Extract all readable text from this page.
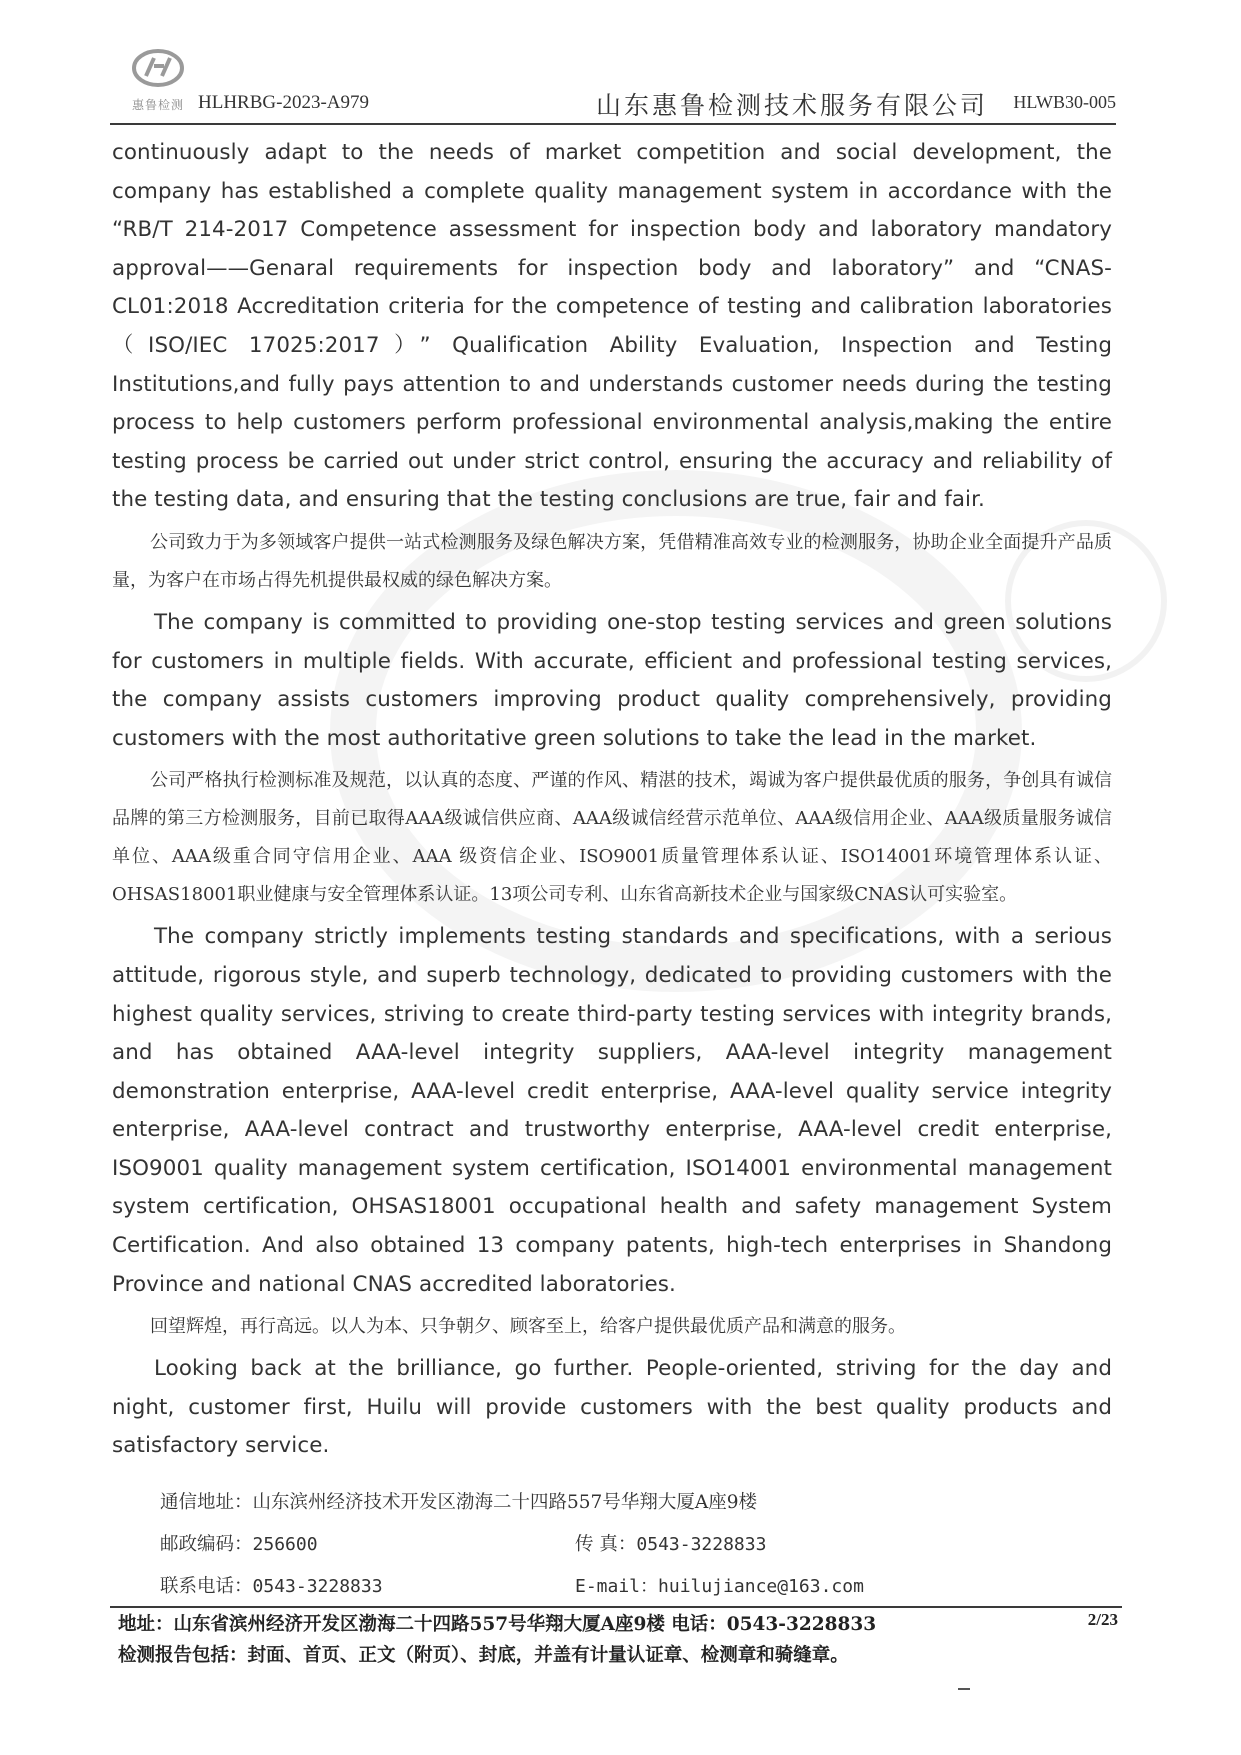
惠鲁检测 HLHRBG-2023-A979	山东惠鲁检测技术服务有限公司 HLWB30-005

continuously adapt to the needs of market competition and social development, the company has established a complete quality management system in accordance with the “RB/T 214-2017 Competence assessment for inspection body and laboratory mandatory approval——Genaral requirements for inspection body and laboratory” and “CNAS-CL01:2018 Accreditation criteria for the competence of testing and calibration laboratories（ISO/IEC 17025:2017）” Qualification Ability Evaluation, Inspection and Testing Institutions,and fully pays attention to and understands customer needs during the testing process to help customers perform professional environmental analysis,making the entire testing process be carried out under strict control, ensuring the accuracy and reliability of the testing data, and ensuring that the testing conclusions are true, fair and fair.

公司致力于为多领域客户提供一站式检测服务及绿色解决方案，凭借精准高效专业的检测服务，协助企业全面提升产品质量，为客户在市场占得先机提供最权威的绿色解决方案。

The company is committed to providing one-stop testing services and green solutions for customers in multiple fields. With accurate, efficient and professional testing services, the company assists customers improving product quality comprehensively, providing customers with the most authoritative green solutions to take the lead in the market.

公司严格执行检测标准及规范，以认真的态度、严谨的作风、精湛的技术，竭诚为客户提供最优质的服务，争创具有诚信品牌的第三方检测服务，目前已取得AAA级诚信供应商、AAA级诚信经营示范单位、AAA级信用企业、AAA级质量服务诚信单位、AAA级重合同守信用企业、AAA 级资信企业、ISO9001质量管理体系认证、ISO14001环境管理体系认证、OHSAS18001职业健康与安全管理体系认证。13项公司专利、山东省高新技术企业与国家级CNAS认可实验室。

The company strictly implements testing standards and specifications, with a serious attitude, rigorous style, and superb technology, dedicated to providing customers with the highest quality services, striving to create third-party testing services with integrity brands, and has obtained AAA-level integrity suppliers, AAA-level integrity management demonstration enterprise, AAA-level credit enterprise, AAA-level quality service integrity enterprise, AAA-level contract and trustworthy enterprise, AAA-level credit enterprise, ISO9001 quality management system certification, ISO14001 environmental management system certification, OHSAS18001 occupational health and safety management System Certification. And also obtained 13 company patents, high-tech enterprises in Shandong Province and national CNAS accredited laboratories.

回望辉煌，再行高远。以人为本、只争朝夕、顾客至上，给客户提供最优质产品和满意的服务。

Looking back at the brilliance, go further. People-oriented, striving for the day and night, customer first, Huilu will provide customers with the best quality products and satisfactory service.

通信地址：山东滨州经济技术开发区渤海二十四路557号华翔大厦A座9楼
邮政编码：256600	传 真：0543-3228833
联系电话：0543-3228833	E-mail：huilujiance@163.com
地址：山东省滨州经济开发区渤海二十四路557号华翔大厦A座9楼 电话：0543-3228833	2/23
检测报告包括：封面、首页、正文（附页）、封底，并盖有计量认证章、检测章和骑缝章。
